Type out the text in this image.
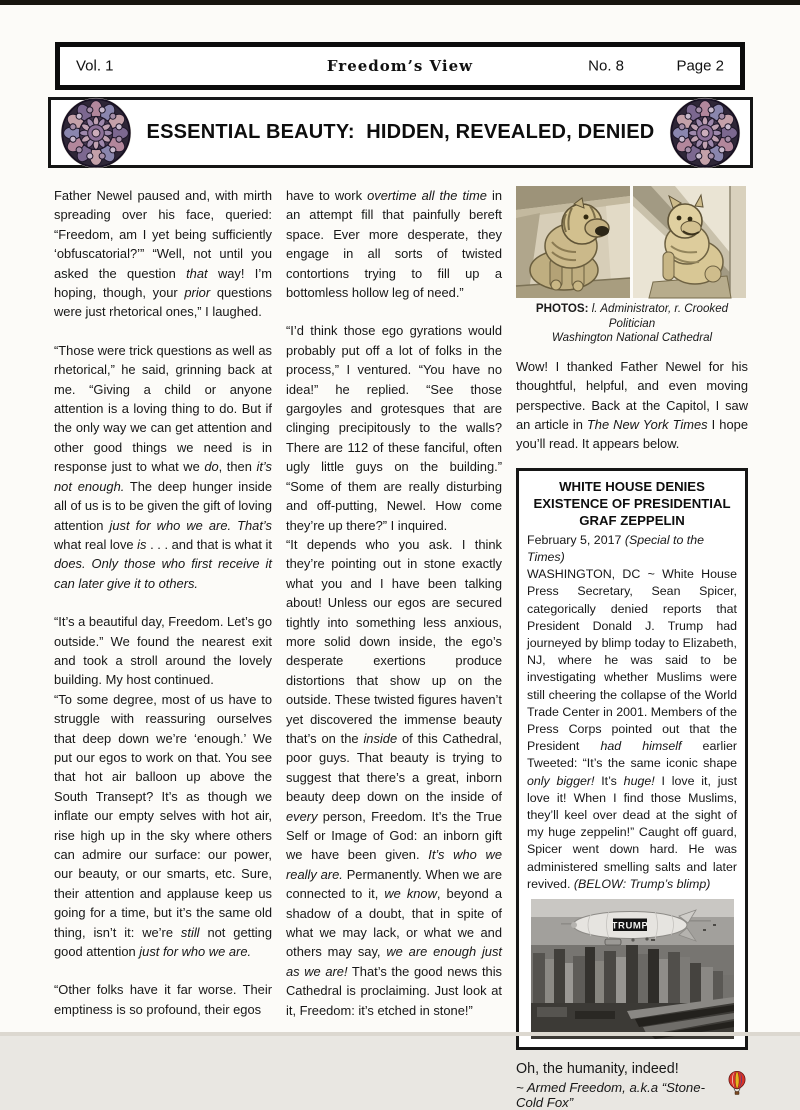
Vol. 1	Freedom’s View	No. 8	Page 2
ESSENTIAL BEAUTY:  HIDDEN, REVEALED, DENIED

Father Newel paused and, with mirth spreading over his face, queried: “Freedom, am I yet being sufficiently ‘obfuscatorial?’” “Well, not until you asked the question that way! I’m hoping, though, your prior questions were just rhetorical ones,” I laughed.

“Those were trick questions as well as rhetorical,” he said, grinning back at me. “Giving a child or anyone attention is a loving thing to do. But if the only way we can get attention and other good things we need is in response just to what we do, then it’s not enough. The deep hunger inside all of us is to be given the gift of loving attention just for who we are. That’s what real love is . . . and that is what it does. Only those who first receive it can later give it to others.

“It’s a beautiful day, Freedom. Let’s go outside.” We found the nearest exit and took a stroll around the lovely building. My host continued.

“To some degree, most of us have to struggle with reassuring ourselves that deep down we’re ‘enough.’ We put our egos to work on that. You see that hot air balloon up above the South Transept? It’s as though we inflate our empty selves with hot air, rise high up in the sky where others can admire our surface: our power, our beauty, or our smarts, etc. Sure, their attention and applause keep us going for a time, but it’s the same old thing, isn’t it: we’re still not getting good attention just for who we are.

“Other folks have it far worse. Their emptiness is so profound, their egos

have to work overtime all the time in an attempt fill that painfully bereft space. Ever more desperate, they engage in all sorts of twisted contortions trying to fill up a bottomless hollow leg of need.”

“I’d think those ego gyrations would probably put off a lot of folks in the process,” I ventured. “You have no idea!” he replied. “See those gargoyles and grotesques that are clinging precipitously to the walls? There are 112 of these fanciful, often ugly little guys on the building.” “Some of them are really disturbing and off-putting, Newel. How come they’re up there?” I inquired.

“It depends who you ask. I think they’re pointing out in stone exactly what you and I have been talking about! Unless our egos are secured tightly into something less anxious, more solid down inside, the ego’s desperate exertions produce distortions that show up on the outside. These twisted figures haven’t yet discovered the immense beauty that’s on the inside of this Cathedral, poor guys. That beauty is trying to suggest that there’s a great, inborn beauty deep down on the inside of every person, Freedom. It’s the True Self or Image of God: an inborn gift we have been given. It’s who we really are. Permanently. When we are connected to it, we know, beyond a shadow of a doubt, that in spite of what we may lack, or what we and others may say, we are enough just as we are! That’s the good news this Cathedral is proclaiming. Just look at it, Freedom: it’s etched in stone!”

PHOTOS: l. Administrator, r. Crooked Politician
Washington National Cathedral

Wow! I thanked Father Newel for his thoughtful, helpful, and even moving perspective. Back at the Capitol, I saw an article in The New York Times I hope you’ll read. It appears below.

WHITE HOUSE DENIES EXISTENCE OF PRESIDENTIAL GRAF ZEPPELIN
February 5, 2017 (Special to the Times)

WASHINGTON, DC ~ White House Press Secretary, Sean Spicer, categorically denied reports that President Donald J. Trump had journeyed by blimp today to Elizabeth, NJ, where he was said to be investigating whether Muslims were still cheering the collapse of the World Trade Center in 2001. Members of the Press Corps pointed out that the President had himself earlier Tweeted: “It’s the same iconic shape only bigger! It’s huge! I love it, just love it! When I find those Muslims, they’ll keel over dead at the sight of my huge zeppelin!” Caught off guard, Spicer went down hard. He was administered smelling salts and later revived. (BELOW: Trump’s blimp)

TRUMP
Oh, the humanity, indeed!
~ Armed Freedom, a.k.a “Stone-Cold Fox”
